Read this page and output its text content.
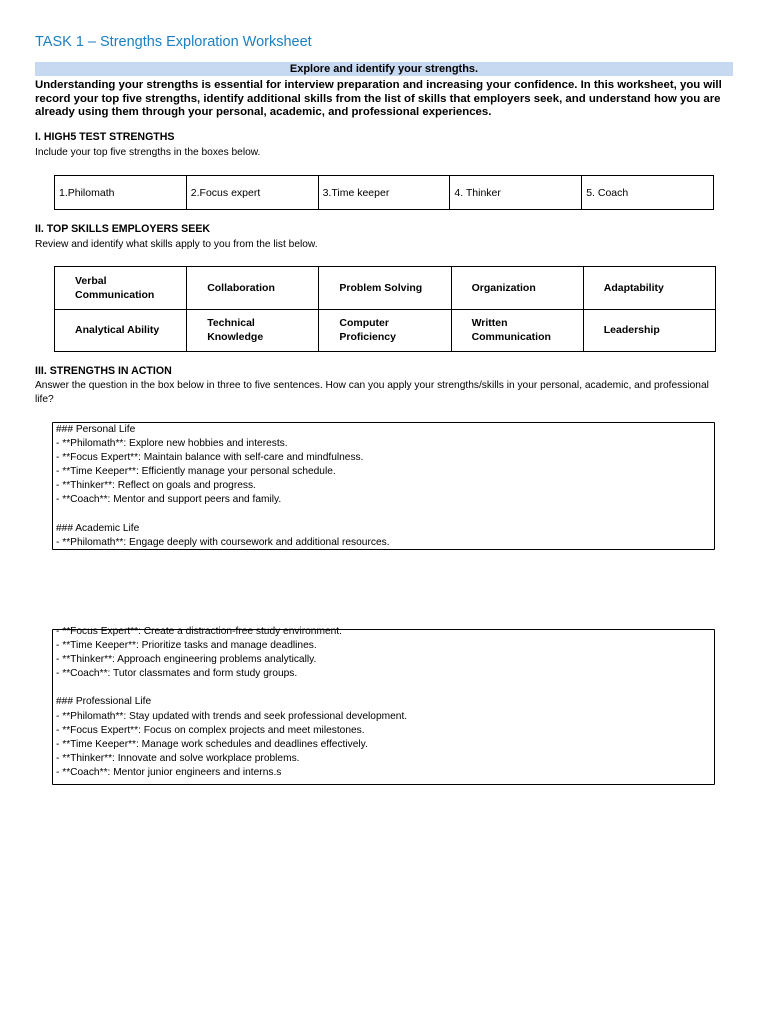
TASK 1 – Strengths Exploration Worksheet
Explore and identify your strengths.
Understanding your strengths is essential for interview preparation and increasing your confidence. In this worksheet, you will record your top five strengths, identify additional skills from the list of skills that employers seek, and understand how you are already using them through your personal, academic, and professional experiences.
I. HIGH5 TEST STRENGTHS
Include your top five strengths in the boxes below.
1.Philomath	2.Focus expert	3.Time keeper	4. Thinker	5. Coach
II. TOP SKILLS EMPLOYERS SEEK
Review and identify what skills apply to you from the list below.
Verbal Communication	Collaboration	Problem Solving	Organization	Adaptability
Analytical Ability	Technical Knowledge	Computer Proficiency	Written Communication	Leadership
III. STRENGTHS IN ACTION
Answer the question in the box below in three to five sentences. How can you apply your strengths/skills in your personal, academic, and professional life?
### Personal Life
- **Philomath**: Explore new hobbies and interests.
- **Focus Expert**: Maintain balance with self-care and mindfulness.
- **Time Keeper**: Efficiently manage your personal schedule.
- **Thinker**: Reflect on goals and progress.
- **Coach**: Mentor and support peers and family.
### Academic Life
- **Philomath**: Engage deeply with coursework and additional resources.
- **Focus Expert**: Create a distraction-free study environment.
- **Time Keeper**: Prioritize tasks and manage deadlines.
- **Thinker**: Approach engineering problems analytically.
- **Coach**: Tutor classmates and form study groups.
### Professional Life
- **Philomath**: Stay updated with trends and seek professional development.
- **Focus Expert**: Focus on complex projects and meet milestones.
- **Time Keeper**: Manage work schedules and deadlines effectively.
- **Thinker**: Innovate and solve workplace problems.
- **Coach**: Mentor junior engineers and interns.s
